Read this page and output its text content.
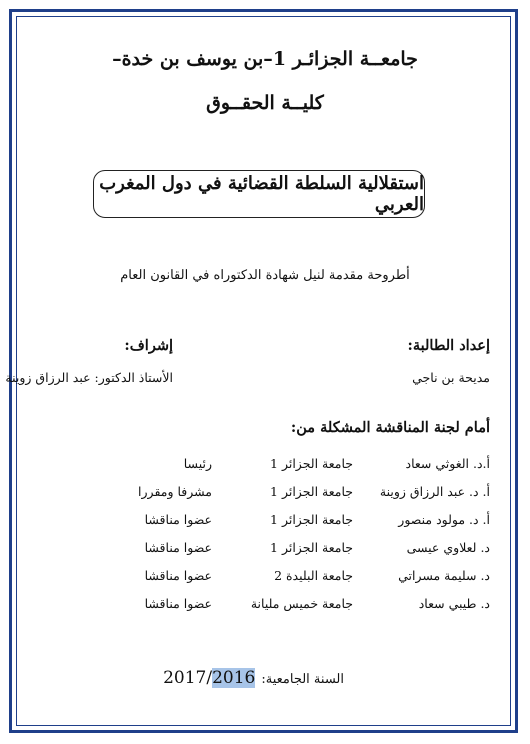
جامعــة الجزائـر 1–بن يوسف بن خدة–
كليــة الحقــوق
استقلالية السلطة القضائية في دول المغرب العربي
أطروحة مقدمة لنيل شهادة الدكتوراه في القانون العام
إعداد الطالبة:
مديحة بن ناجي
إشراف:
الأستاذ الدكتور: عبد الرزاق زوينة
أمام لجنة المناقشة المشكلة من:
أ.د. الغوثي سعاد
جامعة الجزائر 1
رئيسا
أ. د. عبد الرزاق زوينة
جامعة الجزائر 1
مشرفا ومقررا
أ. د. مولود منصور
جامعة الجزائر 1
عضوا مناقشا
د. لعلاوي عيسى
جامعة الجزائر 1
عضوا مناقشا
د. سليمة مسراتي
جامعة البليدة 2
عضوا مناقشا
د. طيبي سعاد
جامعة خميس مليانة
عضوا مناقشا
السنة الجامعية:
2017/2016
